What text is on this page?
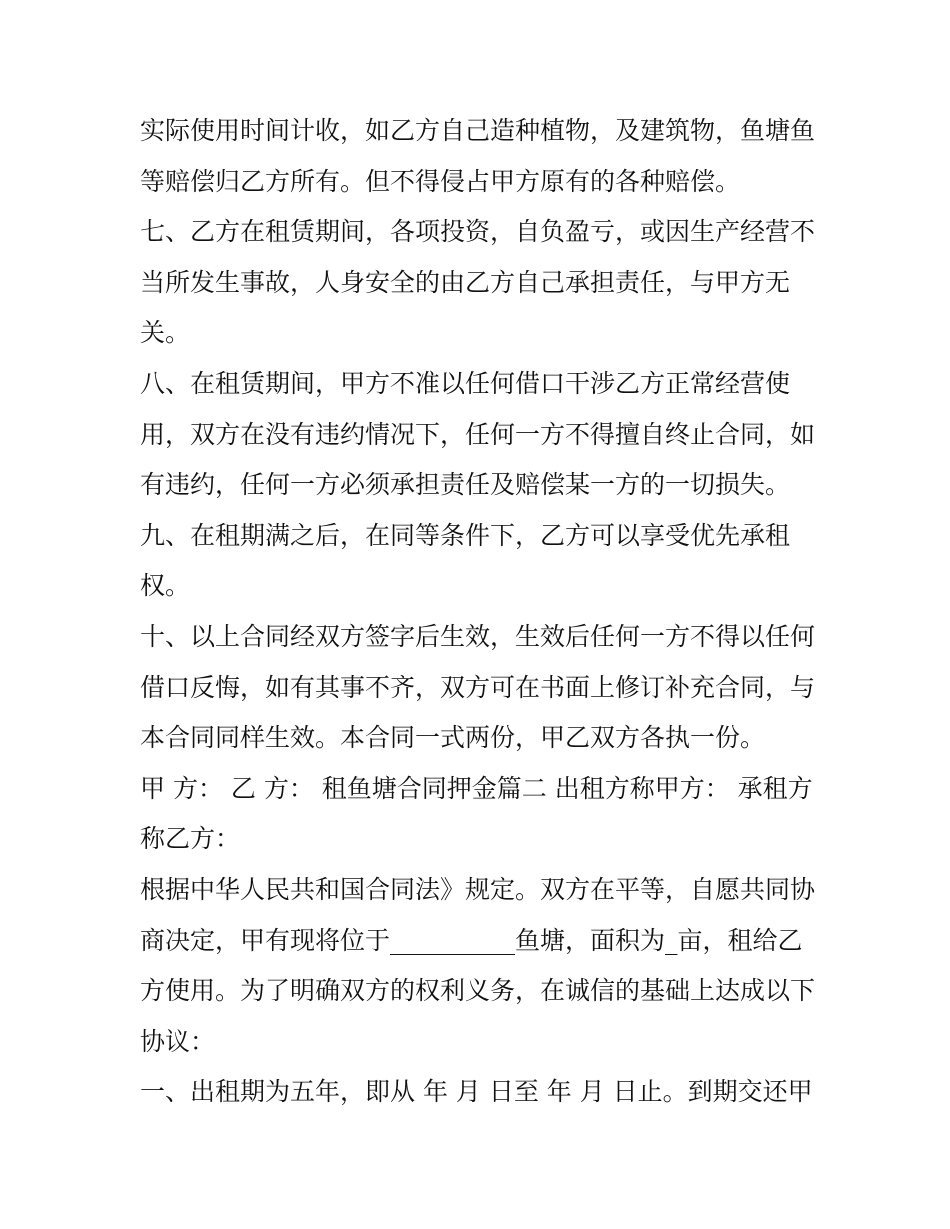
实际使用时间计收，如乙方自己造种植物，及建筑物，鱼塘鱼

等赔偿归乙方所有。但不得侵占甲方原有的各种赔偿。

七、乙方在租赁期间，各项投资，自负盈亏，或因生产经营不

当所发生事故，人身安全的由乙方自己承担责任，与甲方无

关。

八、在租赁期间，甲方不准以任何借口干涉乙方正常经营使

用，双方在没有违约情况下，任何一方不得擅自终止合同，如

有违约，任何一方必须承担责任及赔偿某一方的一切损失。

九、在租期满之后，在同等条件下，乙方可以享受优先承租

权。

十、以上合同经双方签字后生效，生效后任何一方不得以任何

借口反悔，如有其事不齐，双方可在书面上修订补充合同，与

本合同同样生效。本合同一式两份，甲乙双方各执一份。

甲 方： 乙 方： 租鱼塘合同押金篇二 出租方称甲方： 承租方

称乙方：

根据中华人民共和国合同法》规定。双方在平等，自愿共同协

商决定，甲有现将位于__________鱼塘，面积为_亩，租给乙

方使用。为了明确双方的权利义务，在诚信的基础上达成以下

协议：

一、出租期为五年，即从 年 月 日至 年 月 日止。到期交还甲
